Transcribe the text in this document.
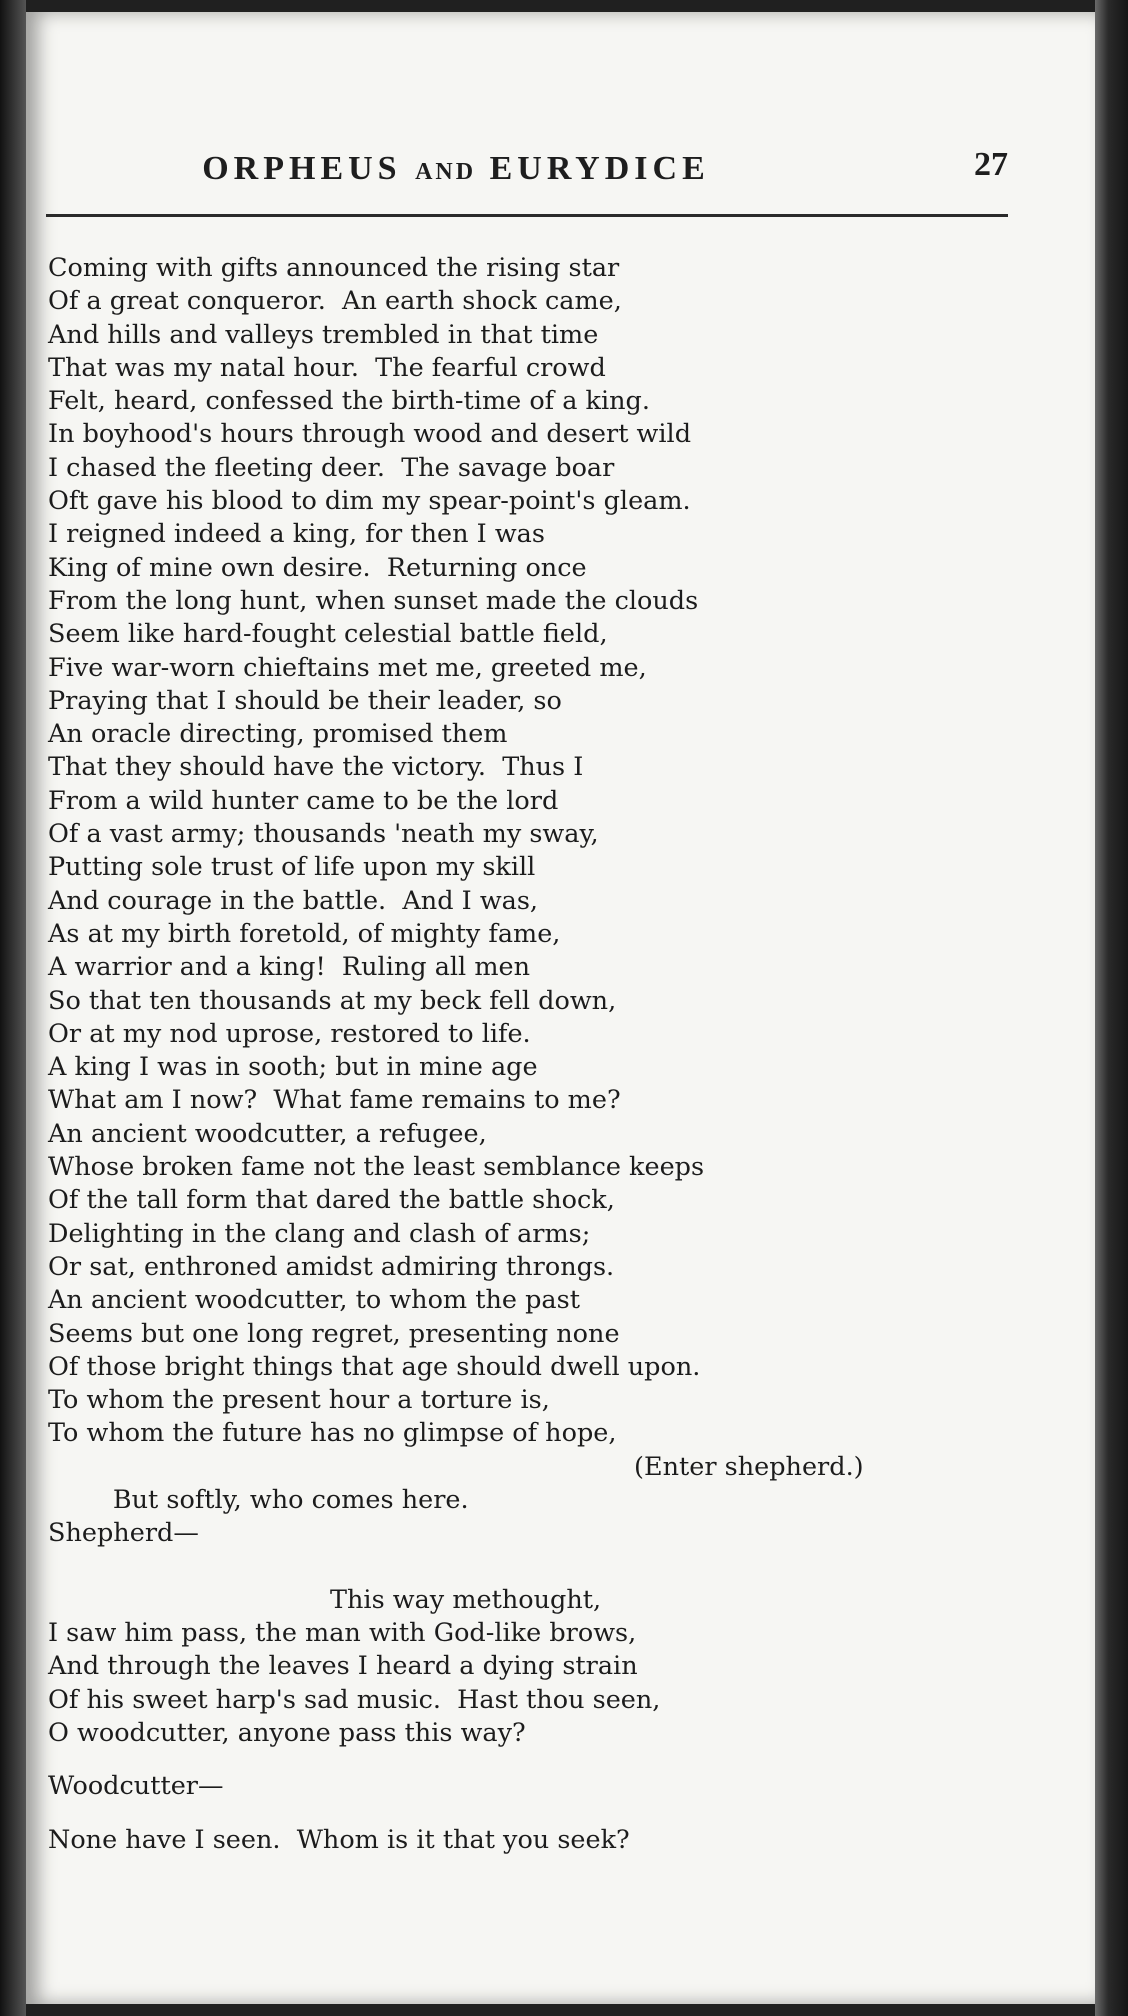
ORPHEUS AND EURYDICE	27
Coming with gifts announced the rising star
Of a great conqueror.  An earth shock came,
And hills and valleys trembled in that time
That was my natal hour.  The fearful crowd
Felt, heard, confessed the birth-time of a king.
In boyhood's hours through wood and desert wild
I chased the fleeting deer.  The savage boar
Oft gave his blood to dim my spear-point's gleam.
I reigned indeed a king, for then I was
King of mine own desire.  Returning once
From the long hunt, when sunset made the clouds
Seem like hard-fought celestial battle field,
Five war-worn chieftains met me, greeted me,
Praying that I should be their leader, so
An oracle directing, promised them
That they should have the victory.  Thus I
From a wild hunter came to be the lord
Of a vast army; thousands 'neath my sway,
Putting sole trust of life upon my skill
And courage in the battle.  And I was,
As at my birth foretold, of mighty fame,
A warrior and a king!  Ruling all men
So that ten thousands at my beck fell down,
Or at my nod uprose, restored to life.
A king I was in sooth; but in mine age
What am I now?  What fame remains to me?
An ancient woodcutter, a refugee,
Whose broken fame not the least semblance keeps
Of the tall form that dared the battle shock,
Delighting in the clang and clash of arms;
Or sat, enthroned amidst admiring throngs.
An ancient woodcutter, to whom the past
Seems but one long regret, presenting none
Of those bright things that age should dwell upon.
To whom the present hour a torture is,
To whom the future has no glimpse of hope,

But softly, who comes here.

(Enter shepherd.)

Shepherd—
This way methought,
I saw him pass, the man with God-like brows,
And through the leaves I heard a dying strain
Of his sweet harp's sad music.  Hast thou seen,
O woodcutter, anyone pass this way?
Woodcutter—
None have I seen.  Whom is it that you seek?
